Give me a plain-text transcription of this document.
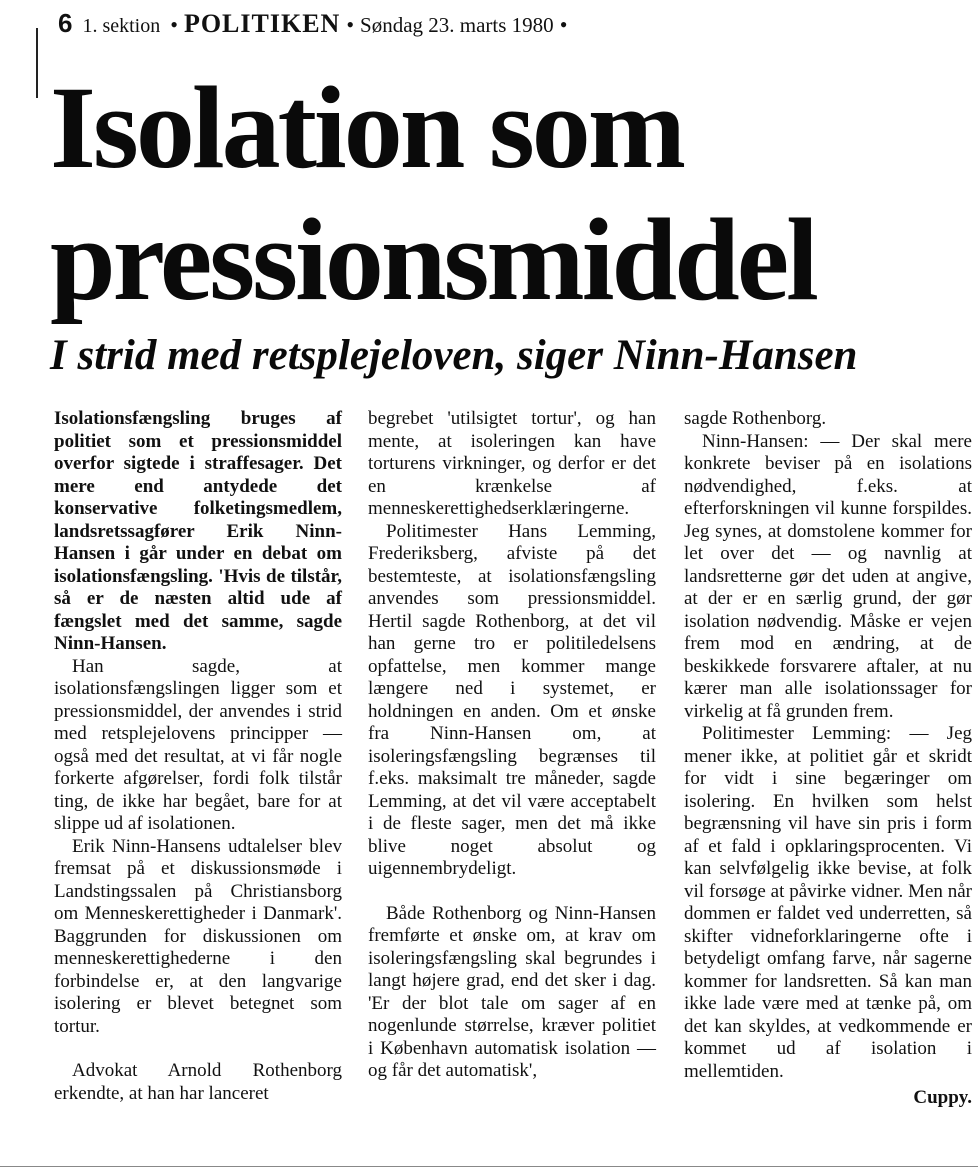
6 1. sektion • POLITIKEN • Søndag 23. marts 1980 •
Isolation som
pressionsmiddel
I strid med retsplejeloven, siger Ninn-Hansen

Isolationsfængsling bruges af politiet som et pressionsmiddel overfor sigtede i straffesager. Det mere end antydede det konservative folketingsmedlem, landsretssagfører Erik Ninn-Hansen i går under en debat om isolationsfængsling. 'Hvis de tilstår, så er de næsten altid ude af fængslet med det samme, sagde Ninn-Hansen.

Han sagde, at isolationsfængslingen ligger som et pressionsmiddel, der anvendes i strid med retsplejelovens principper — også med det resultat, at vi får nogle forkerte afgørelser, fordi folk tilstår ting, de ikke har begået, bare for at slippe ud af isolationen.

Erik Ninn-Hansens udtalelser blev fremsat på et diskussionsmøde i Landstingssalen på Christiansborg om Menneskerettigheder i Danmark'. Baggrunden for diskussionen om menneskerettighederne i den forbindelse er, at den langvarige isolering er blevet betegnet som tortur.

Advokat Arnold Rothenborg erkendte, at han har lanceret

begrebet 'utilsigtet tortur', og han mente, at isoleringen kan have torturens virkninger, og derfor er det en krænkelse af menneskerettighedserklæringerne.

Politimester Hans Lemming, Frederiksberg, afviste på det bestemteste, at isolationsfængsling anvendes som pressionsmiddel. Hertil sagde Rothenborg, at det vil han gerne tro er politiledelsens opfattelse, men kommer mange længere ned i systemet, er holdningen en anden. Om et ønske fra Ninn-Hansen om, at isoleringsfængsling begrænses til f.eks. maksimalt tre måneder, sagde Lemming, at det vil være acceptabelt i de fleste sager, men det må ikke blive noget absolut og uigennembrydeligt.

Både Rothenborg og Ninn-Hansen fremførte et ønske om, at krav om isoleringsfængsling skal begrundes i langt højere grad, end det sker i dag. 'Er der blot tale om sager af en nogenlunde størrelse, kræver politiet i København automatisk isolation — og får det automatisk',

sagde Rothenborg.

Ninn-Hansen: — Der skal mere konkrete beviser på en isolations nødvendighed, f.eks. at efterforskningen vil kunne forspildes. Jeg synes, at domstolene kommer for let over det — og navnlig at landsretterne gør det uden at angive, at der er en særlig grund, der gør isolation nødvendig. Måske er vejen frem mod en ændring, at de beskikkede forsvarere aftaler, at nu kærer man alle isolationssager for virkelig at få grunden frem.

Politimester Lemming: — Jeg mener ikke, at politiet går et skridt for vidt i sine begæringer om isolering. En hvilken som helst begrænsning vil have sin pris i form af et fald i opklaringsprocenten. Vi kan selvfølgelig ikke bevise, at folk vil forsøge at påvirke vidner. Men når dommen er faldet ved underretten, så skifter vidneforklaringerne ofte i betydeligt omfang farve, når sagerne kommer for landsretten. Så kan man ikke lade være med at tænke på, om det kan skyldes, at vedkommende er kommet ud af isolation i mellemtiden.

Cuppy.
